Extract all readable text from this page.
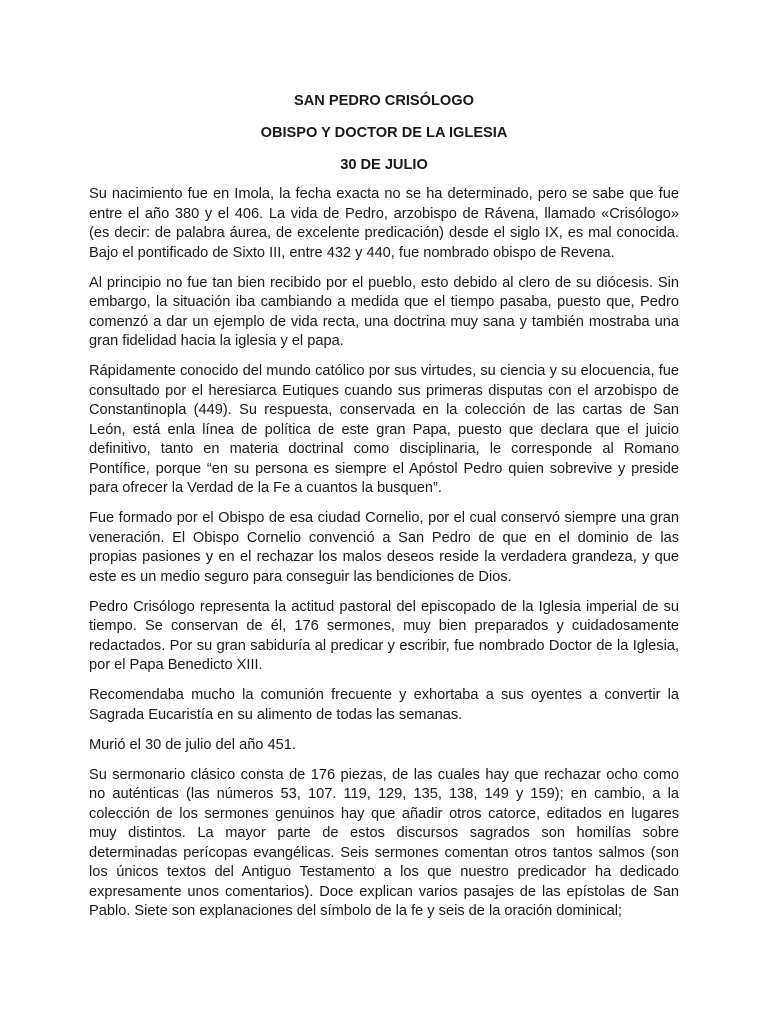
SAN PEDRO CRISÓLOGO
OBISPO Y DOCTOR DE LA IGLESIA
30 DE JULIO

Su nacimiento fue en Imola, la fecha exacta no se ha determinado, pero se sabe que fue entre el año 380 y el 406. La vida de Pedro, arzobispo de Rávena, llamado «Crisólogo» (es decir: de palabra áurea, de excelente predicación) desde el siglo IX, es mal conocida. Bajo el pontificado de Sixto III, entre 432 y 440, fue nombrado obispo de Revena.

Al principio no fue tan bien recibido por el pueblo, esto debido al clero de su diócesis. Sin embargo, la situación iba cambiando a medida que el tiempo pasaba, puesto que, Pedro comenzó a dar un ejemplo de vida recta, una doctrina muy sana y también mostraba una gran fidelidad hacia la iglesia y el papa.

Rápidamente conocido del mundo católico por sus virtudes, su ciencia y su elocuencia, fue consultado por el heresiarca Eutiques cuando sus primeras disputas con el arzobispo de Constantinopla (449). Su respuesta, conservada en la colección de las cartas de San León, está enla línea de política de este gran Papa, puesto que declara que el juicio definitivo, tanto en materia doctrinal como disciplinaria, le corresponde al Romano Pontífice, porque “en su persona es siempre el Apóstol Pedro quien sobrevive y preside para ofrecer la Verdad de la Fe a cuantos la busquen”.

Fue formado por el Obispo de esa ciudad Cornelio, por el cual conservó siempre una gran veneración. El Obispo Cornelio convenció a San Pedro de que en el dominio de las propias pasiones y en el rechazar los malos deseos reside la verdadera grandeza, y que este es un medio seguro para conseguir las bendiciones de Dios.

Pedro Crisólogo representa la actitud pastoral del episcopado de la Iglesia imperial de su tiempo. Se conservan de él, 176 sermones, muy bien preparados y cuidadosamente redactados. Por su gran sabiduría al predicar y escribir, fue nombrado Doctor de la Iglesia, por el Papa Benedicto XIII.

Recomendaba mucho la comunión frecuente y exhortaba a sus oyentes a convertir la Sagrada Eucaristía en su alimento de todas las semanas.

Murió el 30 de julio del año 451.

Su sermonario clásico consta de 176 piezas, de las cuales hay que rechazar ocho como no auténticas (las números 53, 107. 119, 129, 135, 138, 149 y 159); en cambio, a la colección de los sermones genuinos hay que añadir otros catorce, editados en lugares muy distintos. La mayor parte de estos discursos sagrados son homilías sobre determinadas perícopas evangélicas. Seis sermones comentan otros tantos salmos (son los únicos textos del Antiguo Testamento a los que nuestro predicador ha dedicado expresamente unos comentarios). Doce explican varios pasajes de las epístolas de San Pablo. Siete son explanaciones del símbolo de la fe y seis de la oración dominical;
